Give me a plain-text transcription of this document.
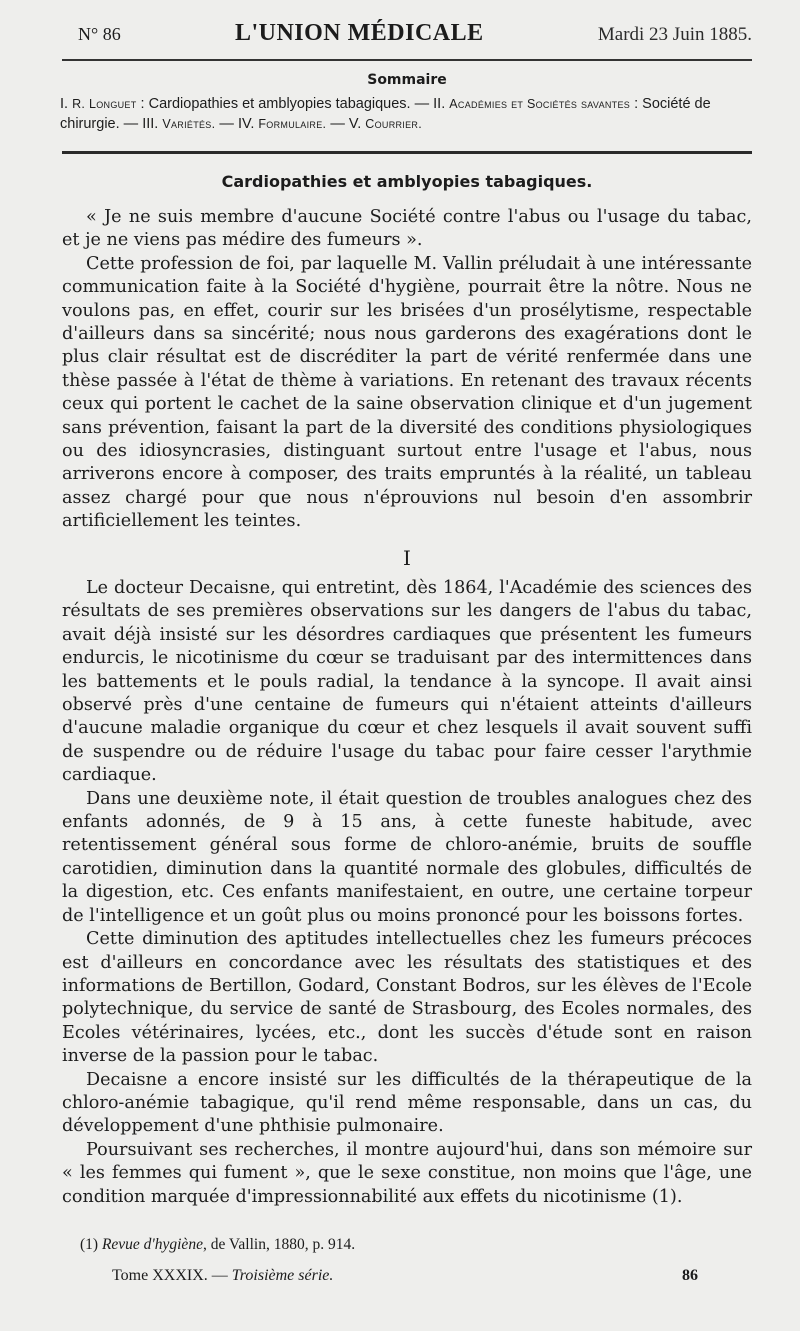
N° 86	L'UNION MÉDICALE	Mardi 23 Juin 1885.
Sommaire
I. R. Longuet : Cardiopathies et amblyopies tabagiques. — II. Académies et Sociétés savantes : Société de chirurgie. — III. Variétés. — IV. Formulaire. — V. Courrier.
Cardiopathies et amblyopies tabagiques.

« Je ne suis membre d'aucune Société contre l'abus ou l'usage du tabac, et je ne viens pas médire des fumeurs ».

Cette profession de foi, par laquelle M. Vallin préludait à une intéressante communication faite à la Société d'hygiène, pourrait être la nôtre. Nous ne voulons pas, en effet, courir sur les brisées d'un prosélytisme, respectable d'ailleurs dans sa sincérité; nous nous garderons des exagérations dont le plus clair résultat est de discréditer la part de vérité renfermée dans une thèse passée à l'état de thème à variations. En retenant des travaux récents ceux qui portent le cachet de la saine observation clinique et d'un jugement sans prévention, faisant la part de la diversité des conditions physiologiques ou des idiosyncrasies, distinguant surtout entre l'usage et l'abus, nous arriverons encore à composer, des traits empruntés à la réalité, un tableau assez chargé pour que nous n'éprouvions nul besoin d'en assombrir artificiellement les teintes.

I

Le docteur Decaisne, qui entretint, dès 1864, l'Académie des sciences des résultats de ses premières observations sur les dangers de l'abus du tabac, avait déjà insisté sur les désordres cardiaques que présentent les fumeurs endurcis, le nicotinisme du cœur se traduisant par des intermittences dans les battements et le pouls radial, la tendance à la syncope. Il avait ainsi observé près d'une centaine de fumeurs qui n'étaient atteints d'ailleurs d'aucune maladie organique du cœur et chez lesquels il avait souvent suffi de suspendre ou de réduire l'usage du tabac pour faire cesser l'arythmie cardiaque.

Dans une deuxième note, il était question de troubles analogues chez des enfants adonnés, de 9 à 15 ans, à cette funeste habitude, avec retentissement général sous forme de chloro-anémie, bruits de souffle carotidien, diminution dans la quantité normale des globules, difficultés de la digestion, etc. Ces enfants manifestaient, en outre, une certaine torpeur de l'intelligence et un goût plus ou moins prononcé pour les boissons fortes.

Cette diminution des aptitudes intellectuelles chez les fumeurs précoces est d'ailleurs en concordance avec les résultats des statistiques et des informations de Bertillon, Godard, Constant Bodros, sur les élèves de l'Ecole polytechnique, du service de santé de Strasbourg, des Ecoles normales, des Ecoles vétérinaires, lycées, etc., dont les succès d'étude sont en raison inverse de la passion pour le tabac.

Decaisne a encore insisté sur les difficultés de la thérapeutique de la chloro-anémie tabagique, qu'il rend même responsable, dans un cas, du développement d'une phthisie pulmonaire.

Poursuivant ses recherches, il montre aujourd'hui, dans son mémoire sur « les femmes qui fument », que le sexe constitue, non moins que l'âge, une condition marquée d'impressionnabilité aux effets du nicotinisme (1).

(1) Revue d'hygiène, de Vallin, 1880, p. 914.
Tome XXXIX. — Troisième série.	86
